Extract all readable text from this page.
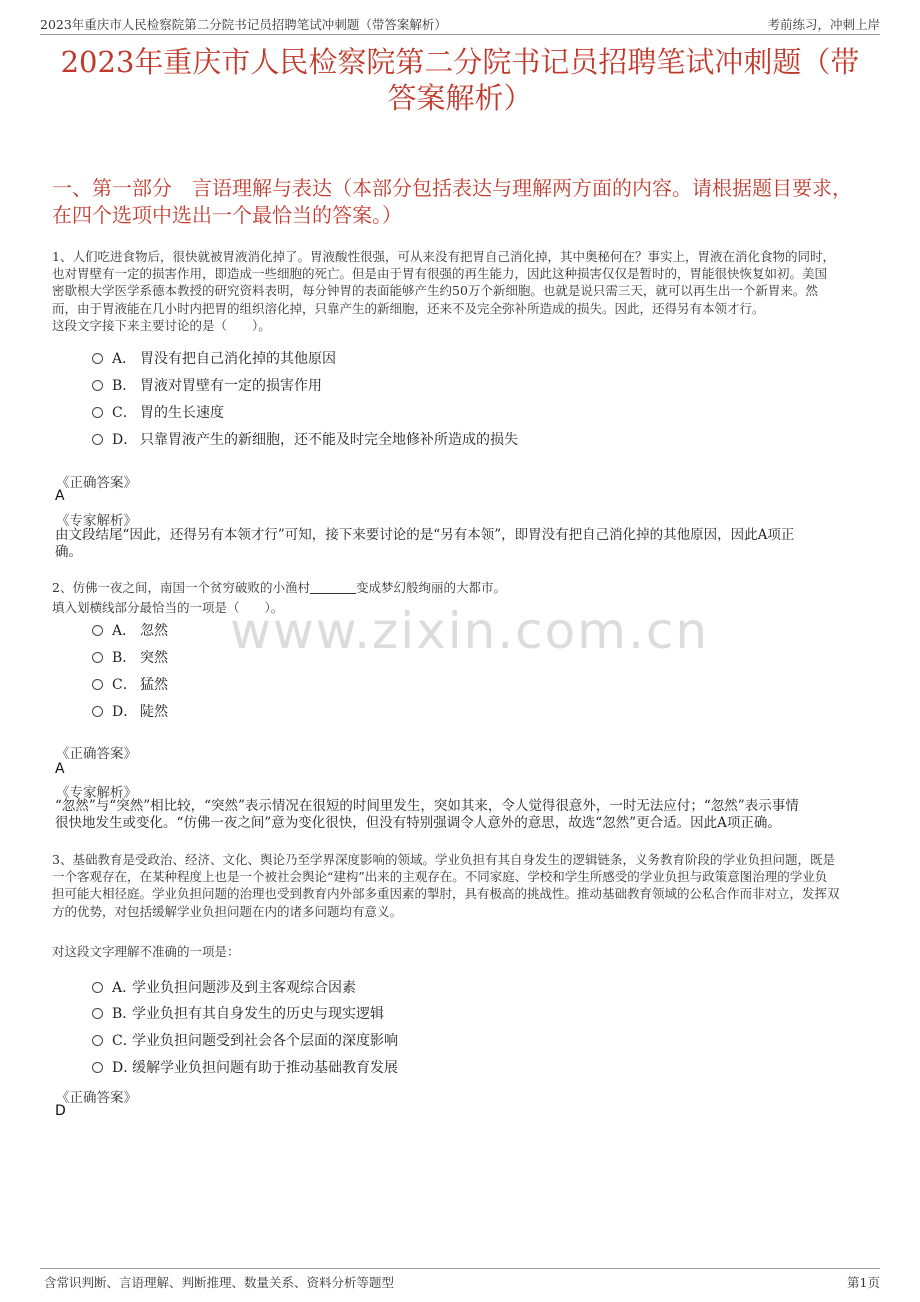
2023年重庆市人民检察院第二分院书记员招聘笔试冲刺题（带答案解析）	考前练习，冲刺上岸
2023年重庆市人民检察院第二分院书记员招聘笔试冲刺题（带答案解析）
一、第一部分　言语理解与表达（本部分包括表达与理解两方面的内容。请根据题目要求，在四个选项中选出一个最恰当的答案。）
1、人们吃进食物后，很快就被胃液消化掉了。胃液酸性很强，可从来没有把胃自己消化掉，其中奥秘何在？事实上，胃液在消化食物的同时，
也对胃壁有一定的损害作用，即造成一些细胞的死亡。但是由于胃有很强的再生能力，因此这种损害仅仅是暂时的，胃能很快恢复如初。美国
密歇根大学医学系德本教授的研究资料表明，每分钟胃的表面能够产生约50万个新细胞。也就是说只需三天，就可以再生出一个新胃来。然
而，由于胃液能在几小时内把胃的组织溶化掉，只靠产生的新细胞，还来不及完全弥补所造成的损失。因此，还得另有本领才行。
这段文字接下来主要讨论的是（　　）。
A． 胃没有把自己消化掉的其他原因
B． 胃液对胃壁有一定的损害作用
C． 胃的生长速度
D． 只靠胃液产生的新细胞，还不能及时完全地修补所造成的损失
《正确答案》
A
《专家解析》
由文段结尾“因此，还得另有本领才行”可知，接下来要讨论的是“另有本领”，即胃没有把自己消化掉的其他原因，因此A项正
确。
2、仿佛一夜之间，南国一个贫穷破败的小渔村	变成梦幻般绚丽的大都市。
填入划横线部分最恰当的一项是（　　）。
A． 忽然
B． 突然
C． 猛然
D． 陡然
《正确答案》
A
《专家解析》
“忽然”与“突然”相比较，“突然”表示情况在很短的时间里发生，突如其来，令人觉得很意外，一时无法应付；“忽然”表示事情
很快地发生或变化。“仿佛一夜之间”意为变化很快，但没有特别强调令人意外的意思，故选“忽然”更合适。因此A项正确。
3、基础教育是受政治、经济、文化、舆论乃至学界深度影响的领域。学业负担有其自身发生的逻辑链条，义务教育阶段的学业负担问题，既是
一个客观存在，在某种程度上也是一个被社会舆论“建构”出来的主观存在。不同家庭、学校和学生所感受的学业负担与政策意图治理的学业负
担可能大相径庭。学业负担问题的治理也受到教育内外部多重因素的掣肘，具有极高的挑战性。推动基础教育领域的公私合作而非对立，发挥双
方的优势，对包括缓解学业负担问题在内的诸多问题均有意义。
对这段文字理解不准确的一项是：
A．学业负担问题涉及到主客观综合因素
B．学业负担有其自身发生的历史与现实逻辑
C．学业负担问题受到社会各个层面的深度影响
D．缓解学业负担问题有助于推动基础教育发展
《正确答案》
D
www.zixin.com.cn
含常识判断、言语理解、判断推理、数量关系、资料分析等题型	第1页
